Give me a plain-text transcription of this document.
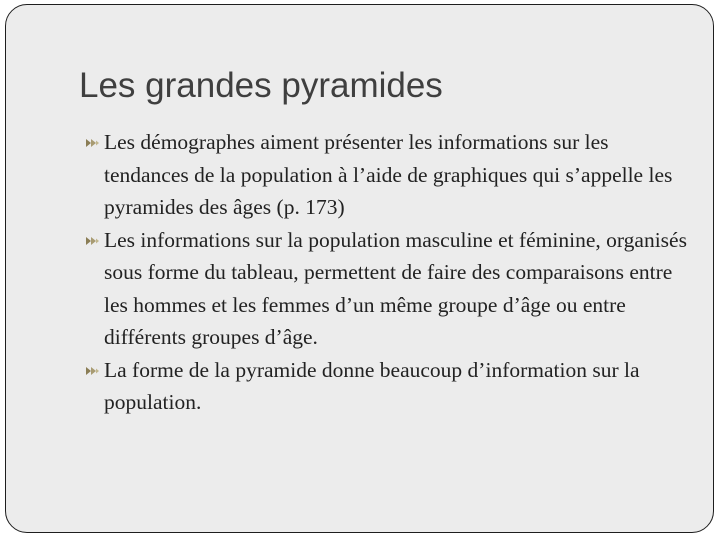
Les grandes pyramides
Les démographes aiment présenter les informations sur les tendances de la population à l’aide de graphiques qui s’appelle les pyramides des âges (p. 173)
Les informations sur la population masculine et féminine, organisés sous forme du tableau, permettent de faire des comparaisons entre les hommes et les femmes d’un même groupe d’âge ou entre différents groupes d’âge.
La forme de la pyramide donne beaucoup d’information sur la population.
